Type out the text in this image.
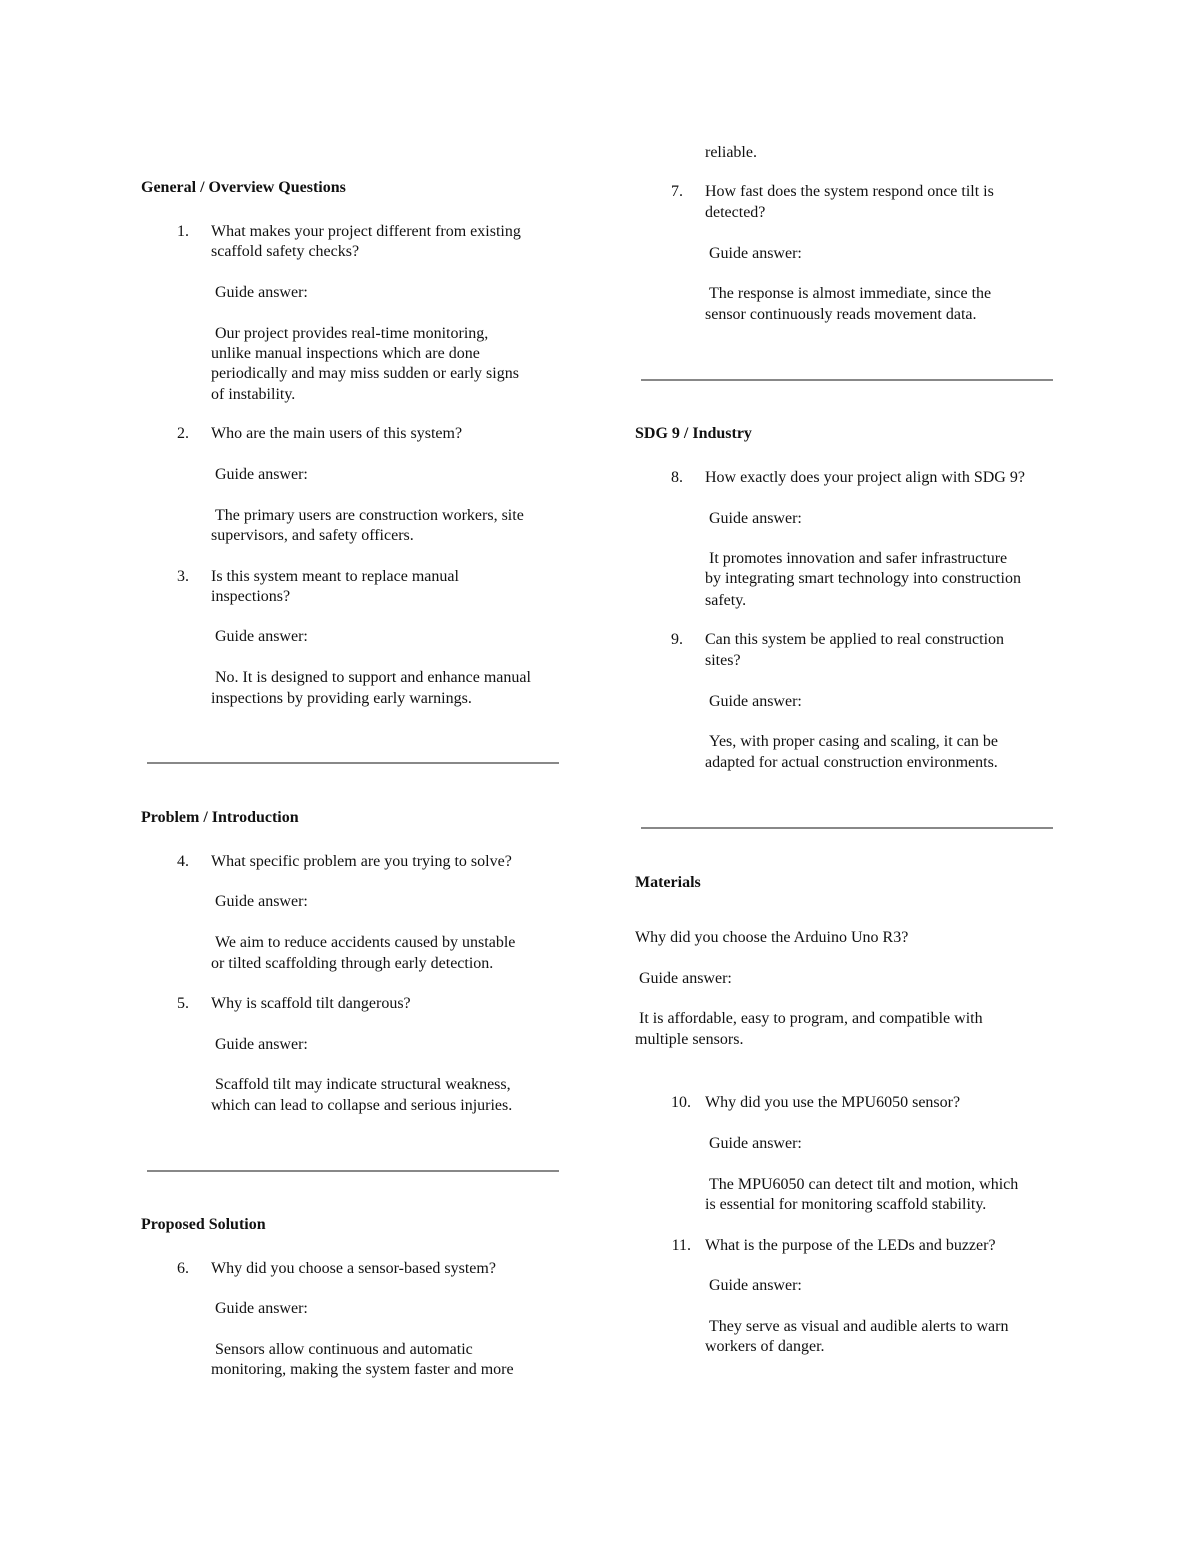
General / Overview Questions
1. What makes your project different from existing
scaffold safety checks?
Guide answer:
Our project provides real-time monitoring,
unlike manual inspections which are done
periodically and may miss sudden or early signs
of instability.
2. Who are the main users of this system?
Guide answer:
The primary users are construction workers, site
supervisors, and safety officers.
3. Is this system meant to replace manual
inspections?
Guide answer:
No. It is designed to support and enhance manual
inspections by providing early warnings.
Problem / Introduction
4. What specific problem are you trying to solve?
Guide answer:
We aim to reduce accidents caused by unstable
or tilted scaffolding through early detection.
5. Why is scaffold tilt dangerous?
Guide answer:
Scaffold tilt may indicate structural weakness,
which can lead to collapse and serious injuries.
Proposed Solution
6. Why did you choose a sensor-based system?
Guide answer:
Sensors allow continuous and automatic
monitoring, making the system faster and more
reliable.
7. How fast does the system respond once tilt is
detected?
Guide answer:
The response is almost immediate, since the
sensor continuously reads movement data.
SDG 9 / Industry
8. How exactly does your project align with SDG 9?
Guide answer:
It promotes innovation and safer infrastructure
by integrating smart technology into construction
safety.
9. Can this system be applied to real construction
sites?
Guide answer:
Yes, with proper casing and scaling, it can be
adapted for actual construction environments.
Materials
Why did you choose the Arduino Uno R3?
Guide answer:
It is affordable, easy to program, and compatible with
multiple sensors.
10. Why did you use the MPU6050 sensor?
Guide answer:
The MPU6050 can detect tilt and motion, which
is essential for monitoring scaffold stability.
11. What is the purpose of the LEDs and buzzer?
Guide answer:
They serve as visual and audible alerts to warn
workers of danger.
